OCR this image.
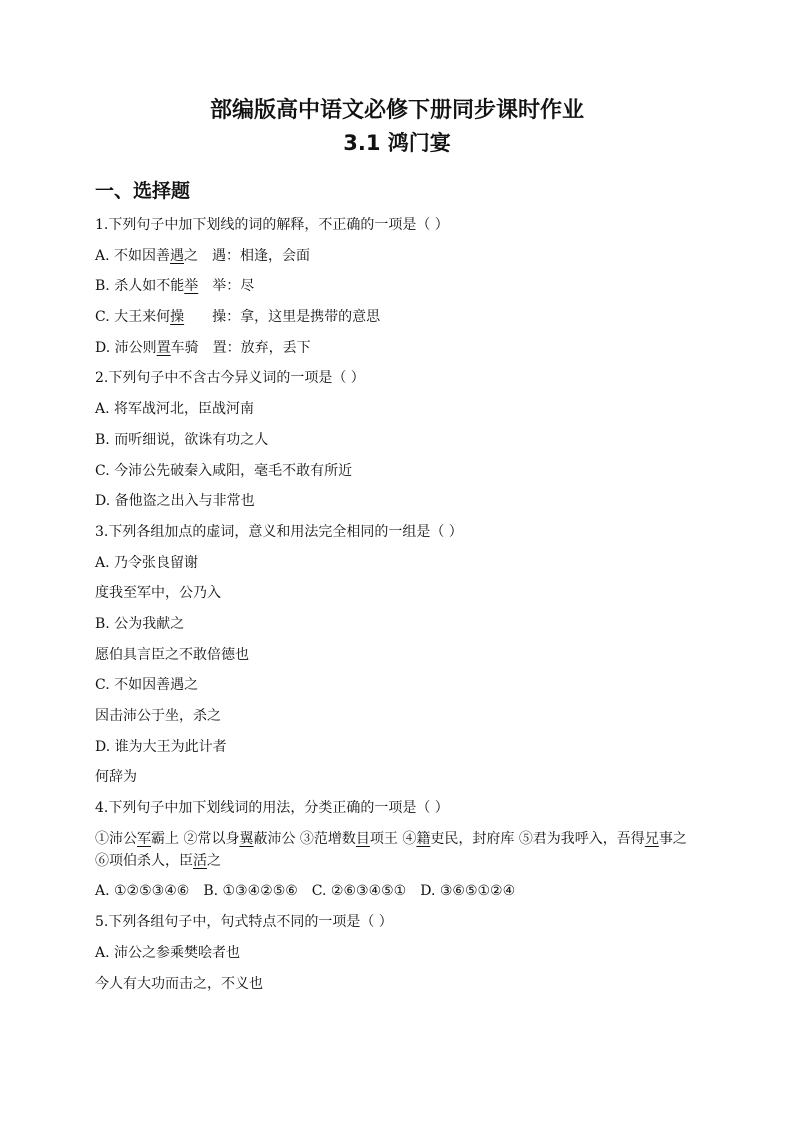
部编版高中语文必修下册同步课时作业
3.1 鸿门宴
一、选择题

1.下列句子中加下划线的词的解释，不正确的一项是（ ）

A. 不如因善遇之　遇：相逢，会面

B. 杀人如不能举　举：尽

C. 大王来何操　　操：拿，这里是携带的意思

D. 沛公则置车骑　置：放弃，丢下

2.下列句子中不含古今异义词的一项是（ ）

A. 将军战河北，臣战河南

B. 而听细说，欲诛有功之人

C. 今沛公先破秦入咸阳，毫毛不敢有所近

D. 备他盗之出入与非常也

3.下列各组加点的虚词，意义和用法完全相同的一组是（ ）

A. 乃令张良留谢

度我至军中，公乃入

B. 公为我献之

愿伯具言臣之不敢倍德也

C. 不如因善遇之

因击沛公于坐，杀之

D. 谁为大王为此计者

何辞为

4.下列句子中加下划线词的用法，分类正确的一项是（ ）

①沛公军霸上 ②常以身翼蔽沛公 ③范增数目项王 ④籍吏民，封府库 ⑤君为我呼入，吾得兄事之 ⑥项伯杀人，臣活之

A. ①②⑤③④⑥　B. ①③④②⑤⑥　C. ②⑥③④⑤①　D. ③⑥⑤①②④

5.下列各组句子中，句式特点不同的一项是（ ）

A. 沛公之参乘樊哙者也

今人有大功而击之，不义也
